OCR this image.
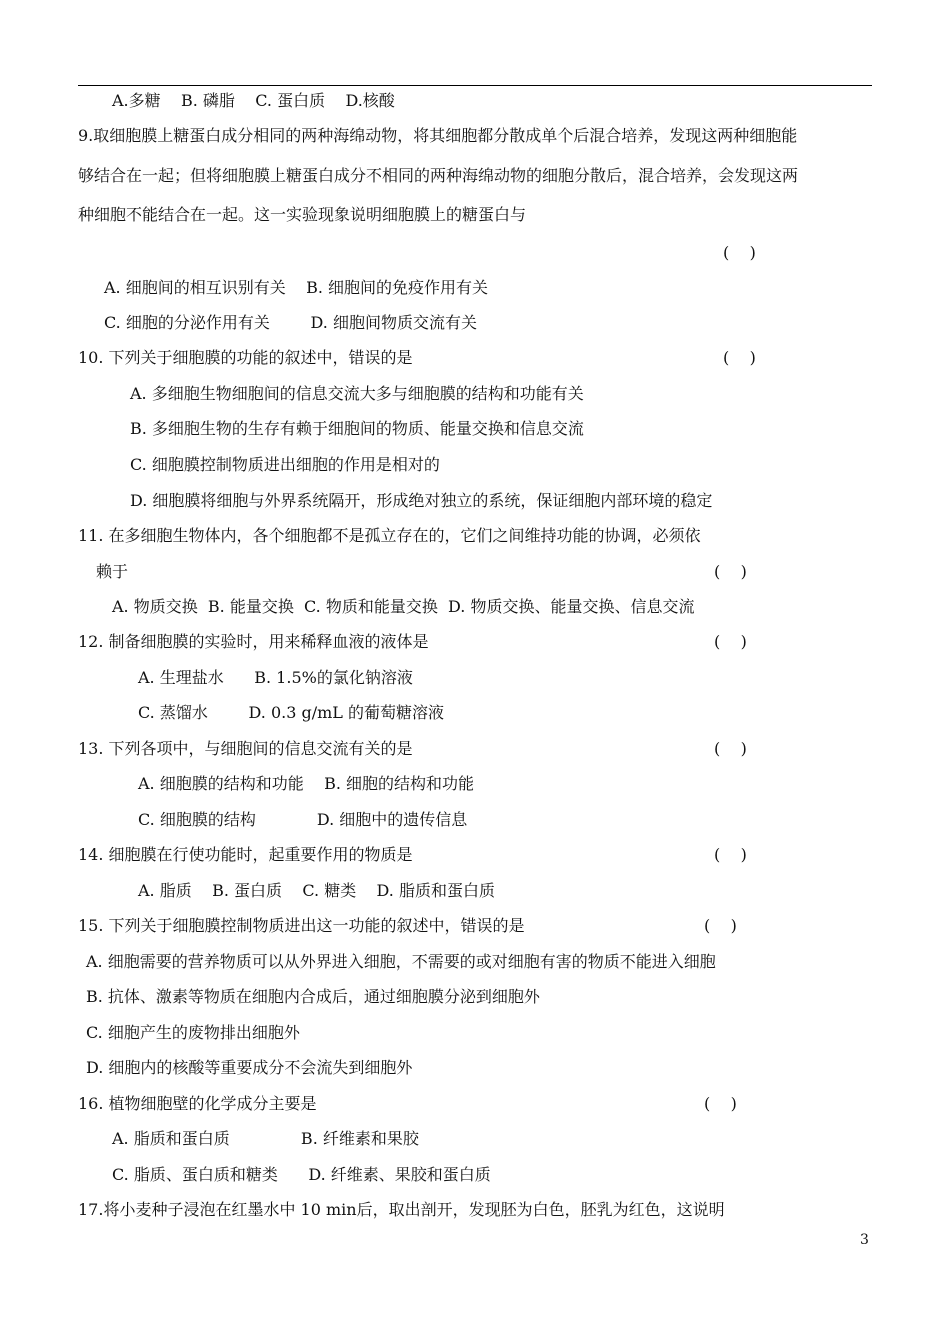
A.多糖    B. 磷脂    C. 蛋白质    D.核酸
9.取细胞膜上糖蛋白成分相同的两种海绵动物，将其细胞都分散成单个后混合培养，发现这两种细胞能
够结合在一起；但将细胞膜上糖蛋白成分不相同的两种海绵动物的细胞分散后，混合培养，会发现这两
种细胞不能结合在一起。这一实验现象说明细胞膜上的糖蛋白与
(    )
A. 细胞间的相互识别有关    B. 细胞间的免疫作用有关
C. 细胞的分泌作用有关        D. 细胞间物质交流有关
10. 下列关于细胞膜的功能的叙述中，错误的是	(    )
A. 多细胞生物细胞间的信息交流大多与细胞膜的结构和功能有关
B. 多细胞生物的生存有赖于细胞间的物质、能量交换和信息交流
C. 细胞膜控制物质进出细胞的作用是相对的
D. 细胞膜将细胞与外界系统隔开，形成绝对独立的系统，保证细胞内部环境的稳定
11. 在多细胞生物体内，各个细胞都不是孤立存在的，它们之间维持功能的协调，必须依
赖于	(    )
A. 物质交换  B. 能量交换  C. 物质和能量交换  D. 物质交换、能量交换、信息交流
12. 制备细胞膜的实验时，用来稀释血液的液体是	(    )
A. 生理盐水      B. 1.5%的氯化钠溶液
C. 蒸馏水        D. 0.3 g/mL 的葡萄糖溶液
13. 下列各项中，与细胞间的信息交流有关的是	(    )
A. 细胞膜的结构和功能    B. 细胞的结构和功能
C. 细胞膜的结构            D. 细胞中的遗传信息
14. 细胞膜在行使功能时，起重要作用的物质是	(    )
A. 脂质    B. 蛋白质    C. 糖类    D. 脂质和蛋白质
15. 下列关于细胞膜控制物质进出这一功能的叙述中，错误的是	(    )
A. 细胞需要的营养物质可以从外界进入细胞，不需要的或对细胞有害的物质不能进入细胞
B. 抗体、激素等物质在细胞内合成后，通过细胞膜分泌到细胞外
C. 细胞产生的废物排出细胞外
D. 细胞内的核酸等重要成分不会流失到细胞外
16. 植物细胞壁的化学成分主要是	(    )
A. 脂质和蛋白质              B. 纤维素和果胶
C. 脂质、蛋白质和糖类      D. 纤维素、果胶和蛋白质
17.将小麦种子浸泡在红墨水中 10 min后，取出剖开，发现胚为白色，胚乳为红色，这说明
3
